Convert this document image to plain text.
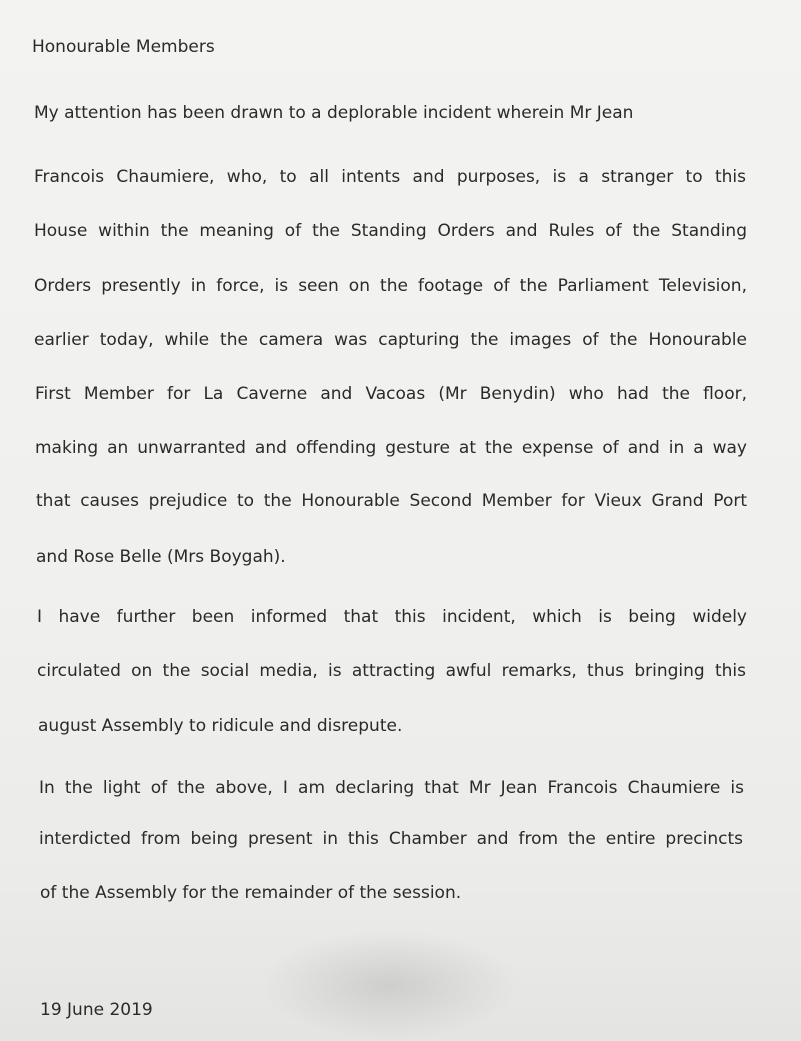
Honourable Members

My attention has been drawn to a deplorable incident wherein Mr Jean

Francois Chaumiere, who, to all intents and purposes, is a stranger to this

House within the meaning of the Standing Orders and Rules of the Standing

Orders presently in force, is seen on the footage of the Parliament Television,

earlier today, while the camera was capturing the images of the Honourable

First Member for La Caverne and Vacoas (Mr Benydin) who had the floor,

making an unwarranted and offending gesture at the expense of and in a way

that causes prejudice to the Honourable Second Member for Vieux Grand Port

and Rose Belle (Mrs Boygah).

I have further been informed that this incident, which is being widely

circulated on the social media, is attracting awful remarks, thus bringing this

august Assembly to ridicule and disrepute.

In the light of the above, I am declaring that Mr Jean Francois Chaumiere is

interdicted from being present in this Chamber and from the entire precincts

of the Assembly for the remainder of the session.

19 June 2019
